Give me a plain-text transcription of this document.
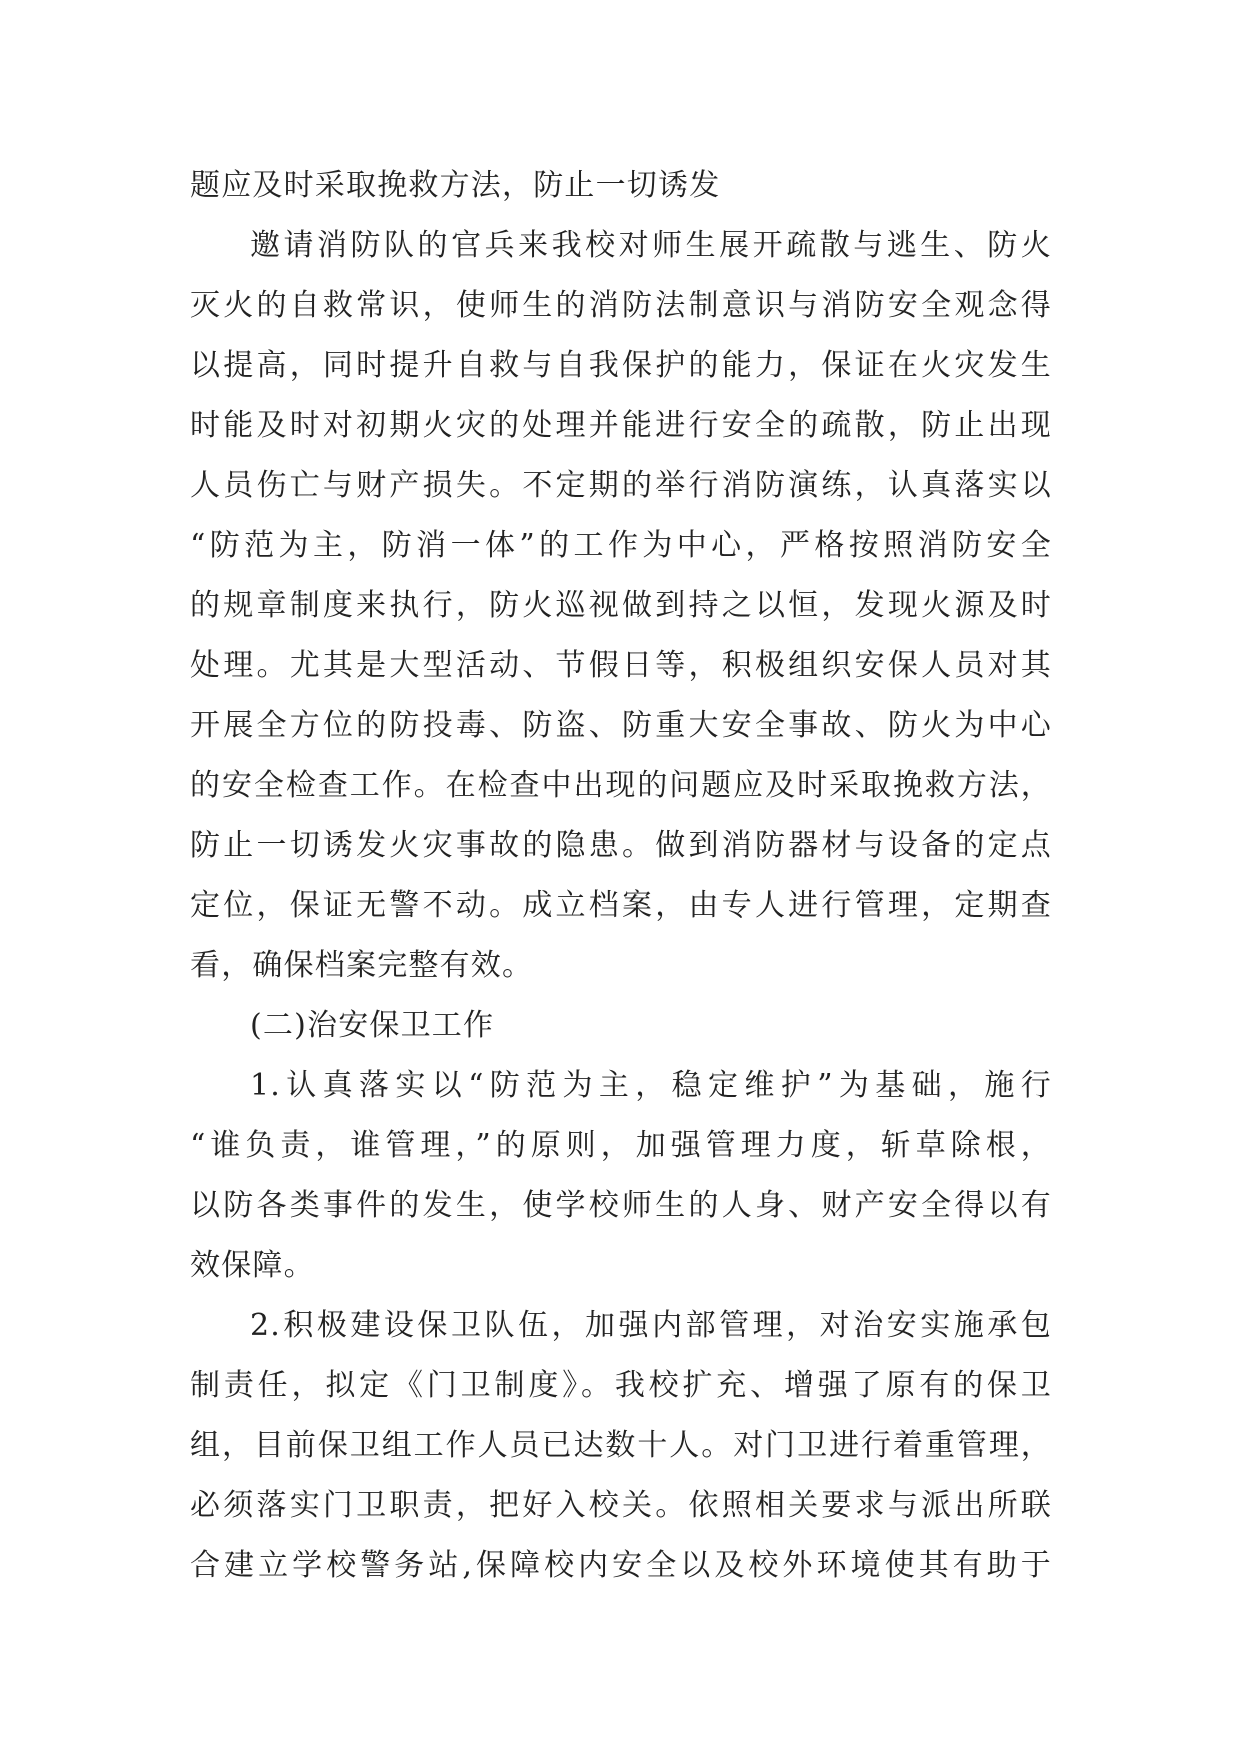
题应及时采取挽救方法，防止一切诱发
邀请消防队的官兵来我校对师生展开疏散与逃生、防火
灭火的自救常识，使师生的消防法制意识与消防安全观念得
以提高，同时提升自救与自我保护的能力，保证在火灾发生
时能及时对初期火灾的处理并能进行安全的疏散，防止出现
人员伤亡与财产损失。不定期的举行消防演练，认真落实以
“防范为主，防消一体”的工作为中心，严格按照消防安全
的规章制度来执行，防火巡视做到持之以恒，发现火源及时
处理。尤其是大型活动、节假日等，积极组织安保人员对其
开展全方位的防投毒、防盗、防重大安全事故、防火为中心
的安全检查工作。在检查中出现的问题应及时采取挽救方法，
防止一切诱发火灾事故的隐患。做到消防器材与设备的定点
定位，保证无警不动。成立档案，由专人进行管理，定期查
看，确保档案完整有效。
(二)治安保卫工作
1.认真落实以“防范为主，稳定维护”为基础，施行
“谁负责，谁管理，”的原则，加强管理力度，斩草除根，
以防各类事件的发生，使学校师生的人身、财产安全得以有
效保障。
2.积极建设保卫队伍，加强内部管理，对治安实施承包
制责任，拟定《门卫制度》。我校扩充、增强了原有的保卫
组，目前保卫组工作人员已达数十人。对门卫进行着重管理，
必须落实门卫职责，把好入校关。依照相关要求与派出所联
合建立学校警务站,保障校内安全以及校外环境使其有助于
